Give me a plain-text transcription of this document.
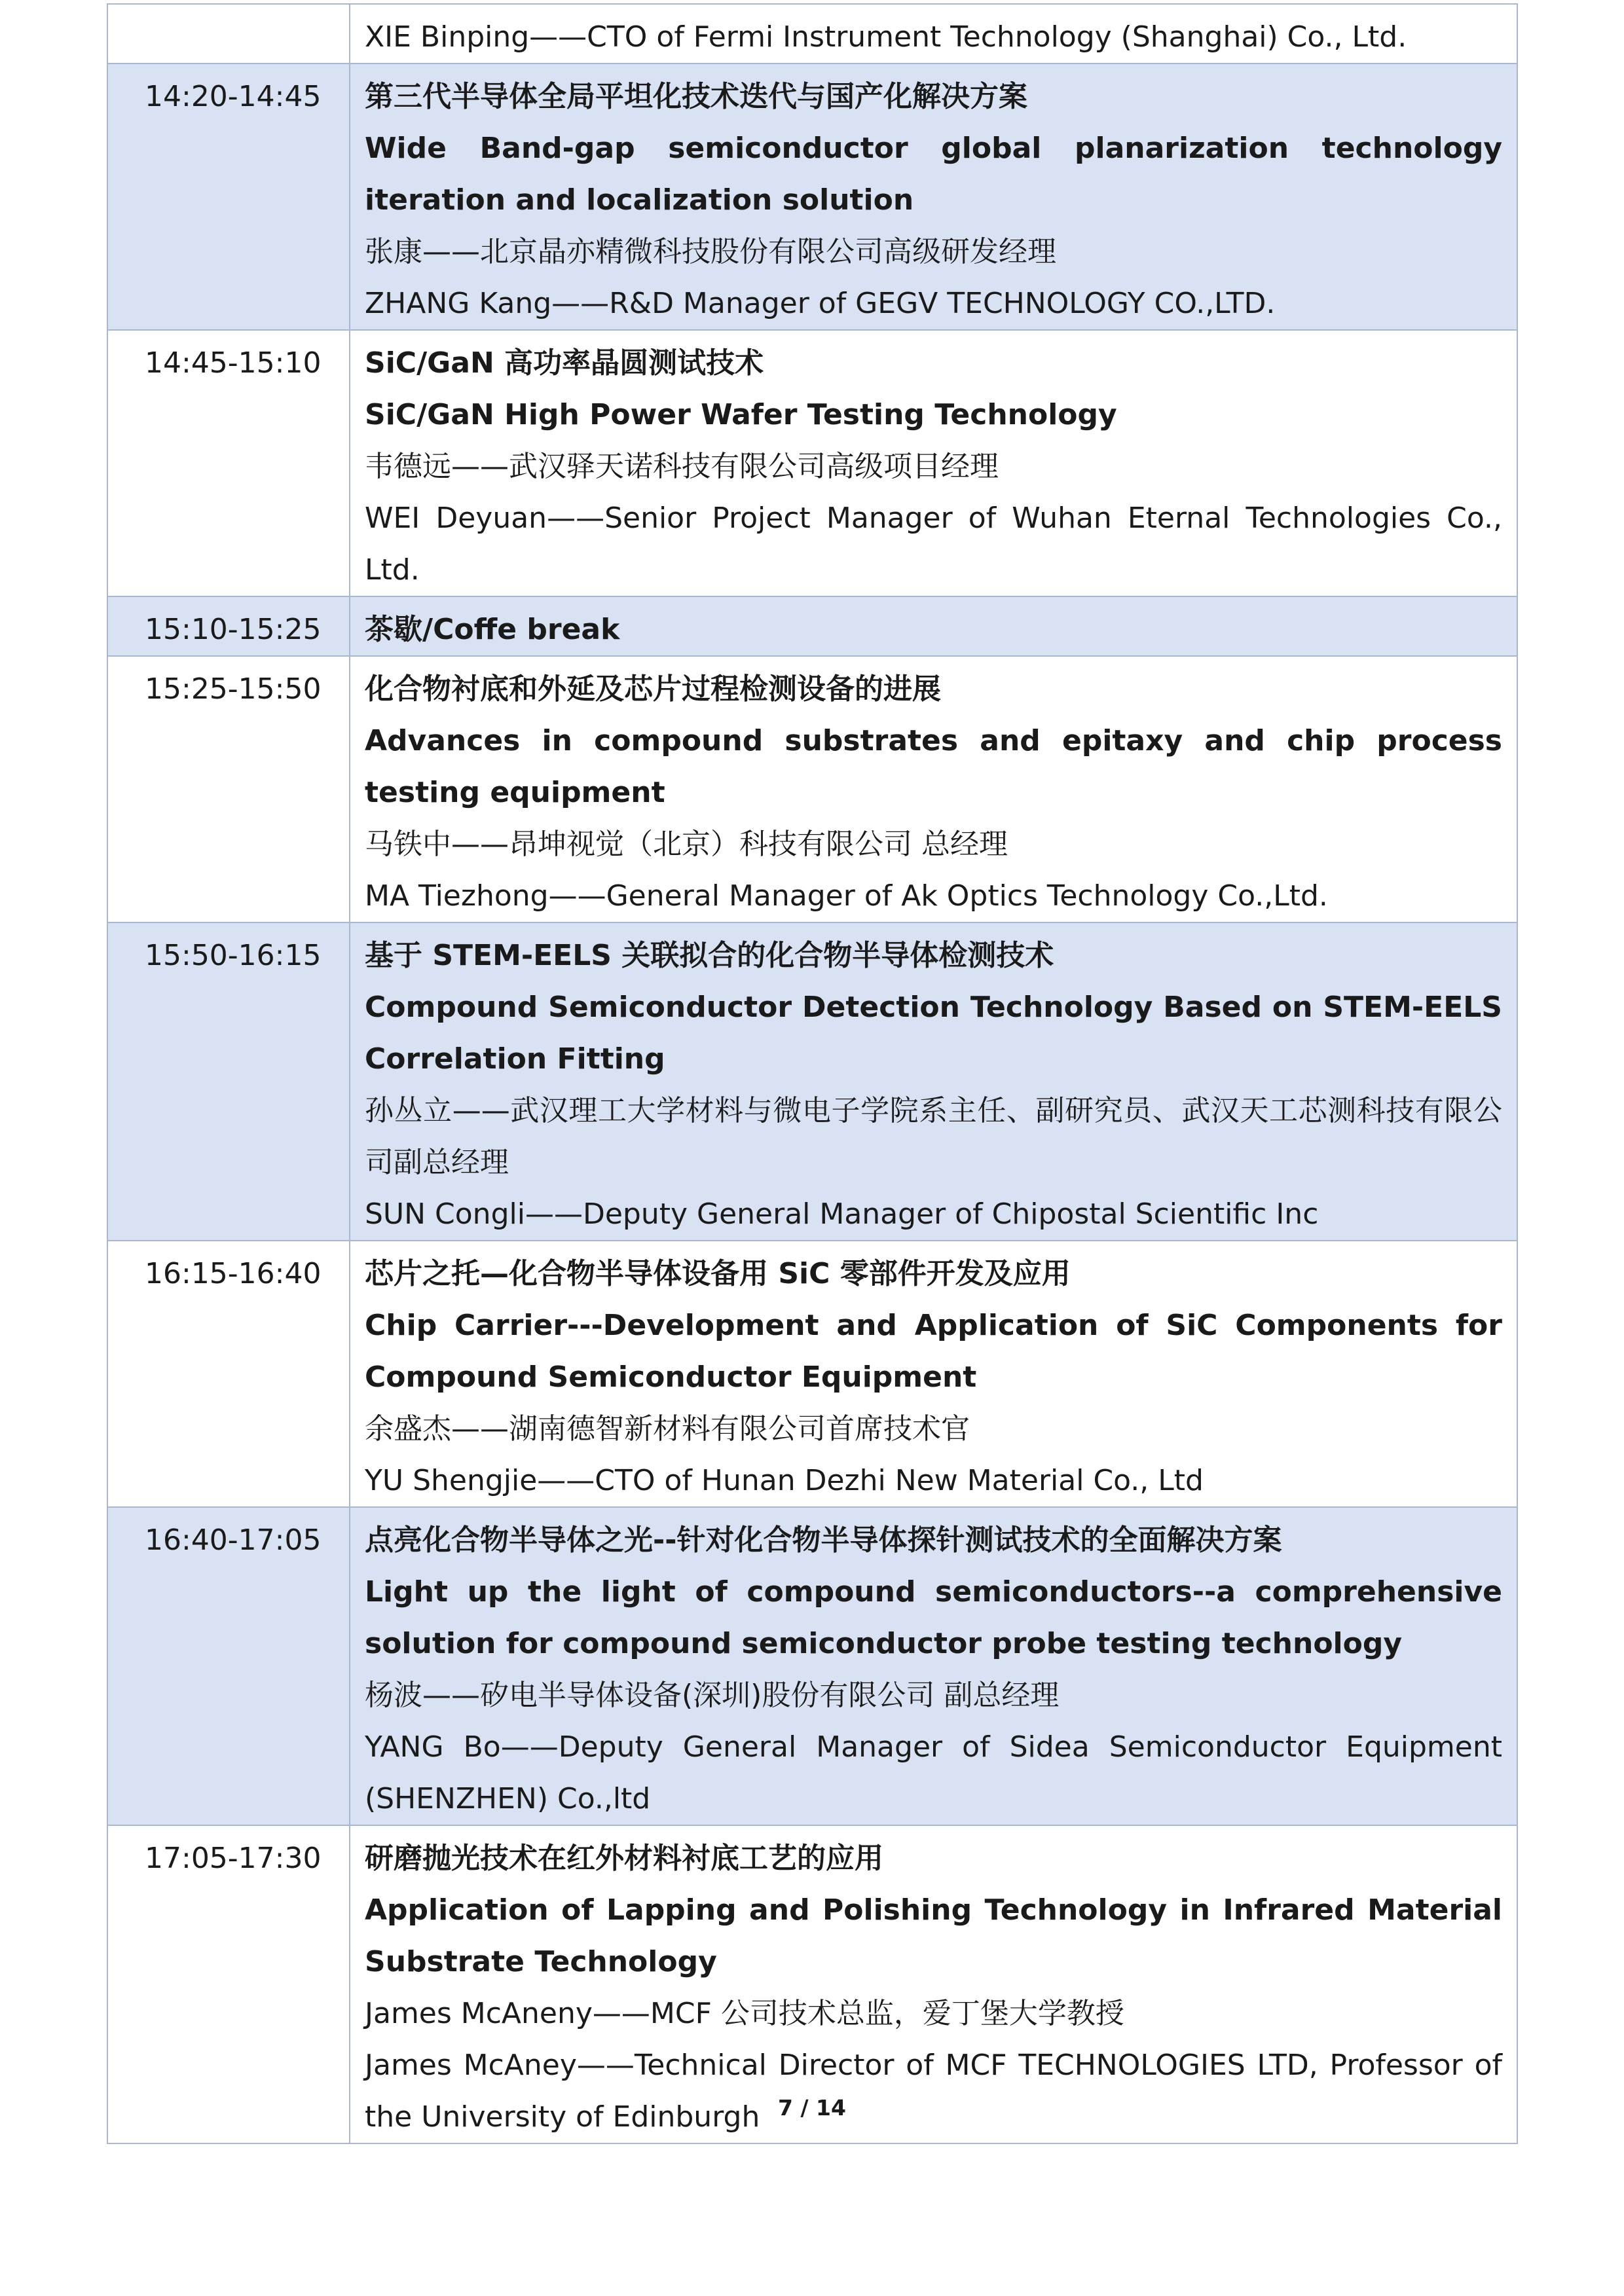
	XIE Binping——CTO of Fermi Instrument Technology (Shanghai) Co., Ltd.

14:20-14:45	第三代半导体全局平坦化技术迭代与国产化解决方案
Wide Band-gap semiconductor global planarization technology iteration and localization solution
张康——北京晶亦精微科技股份有限公司高级研发经理
ZHANG Kang——R&D Manager of GEGV TECHNOLOGY CO.,LTD.

14:45-15:10	SiC/GaN 高功率晶圆测试技术
SiC/GaN High Power Wafer Testing Technology
韦德远——武汉驿天诺科技有限公司高级项目经理
WEI Deyuan——Senior Project Manager of Wuhan Eternal Technologies Co., Ltd.

15:10-15:25	茶歇/Coffe break

15:25-15:50	化合物衬底和外延及芯片过程检测设备的进展
Advances in compound substrates and epitaxy and chip process testing equipment
马铁中——昂坤视觉（北京）科技有限公司 总经理
MA Tiezhong——General Manager of Ak Optics Technology Co.,Ltd.

15:50-16:15	基于 STEM-EELS 关联拟合的化合物半导体检测技术
Compound Semiconductor Detection Technology Based on STEM-EELS Correlation Fitting
孙丛立——武汉理工大学材料与微电子学院系主任、副研究员、武汉天工芯测科技有限公司副总经理
SUN Congli——Deputy General Manager of Chipostal Scientific Inc

16:15-16:40	芯片之托—化合物半导体设备用 SiC 零部件开发及应用
Chip Carrier---Development and Application of SiC Components for Compound Semiconductor Equipment
余盛杰——湖南德智新材料有限公司首席技术官
YU Shengjie——CTO of Hunan Dezhi New Material Co., Ltd

16:40-17:05	点亮化合物半导体之光--针对化合物半导体探针测试技术的全面解决方案
Light up the light of compound semiconductors--a comprehensive solution for compound semiconductor probe testing technology
杨波——矽电半导体设备(深圳)股份有限公司 副总经理
YANG Bo——Deputy General Manager of Sidea Semiconductor Equipment (SHENZHEN) Co.,ltd

17:05-17:30	研磨抛光技术在红外材料衬底工艺的应用
Application of Lapping and Polishing Technology in Infrared Material Substrate Technology
James McAneny——MCF 公司技术总监，爱丁堡大学教授
James McAney——Technical Director of MCF TECHNOLOGIES LTD, Professor of the University of Edinburgh 7 / 14
